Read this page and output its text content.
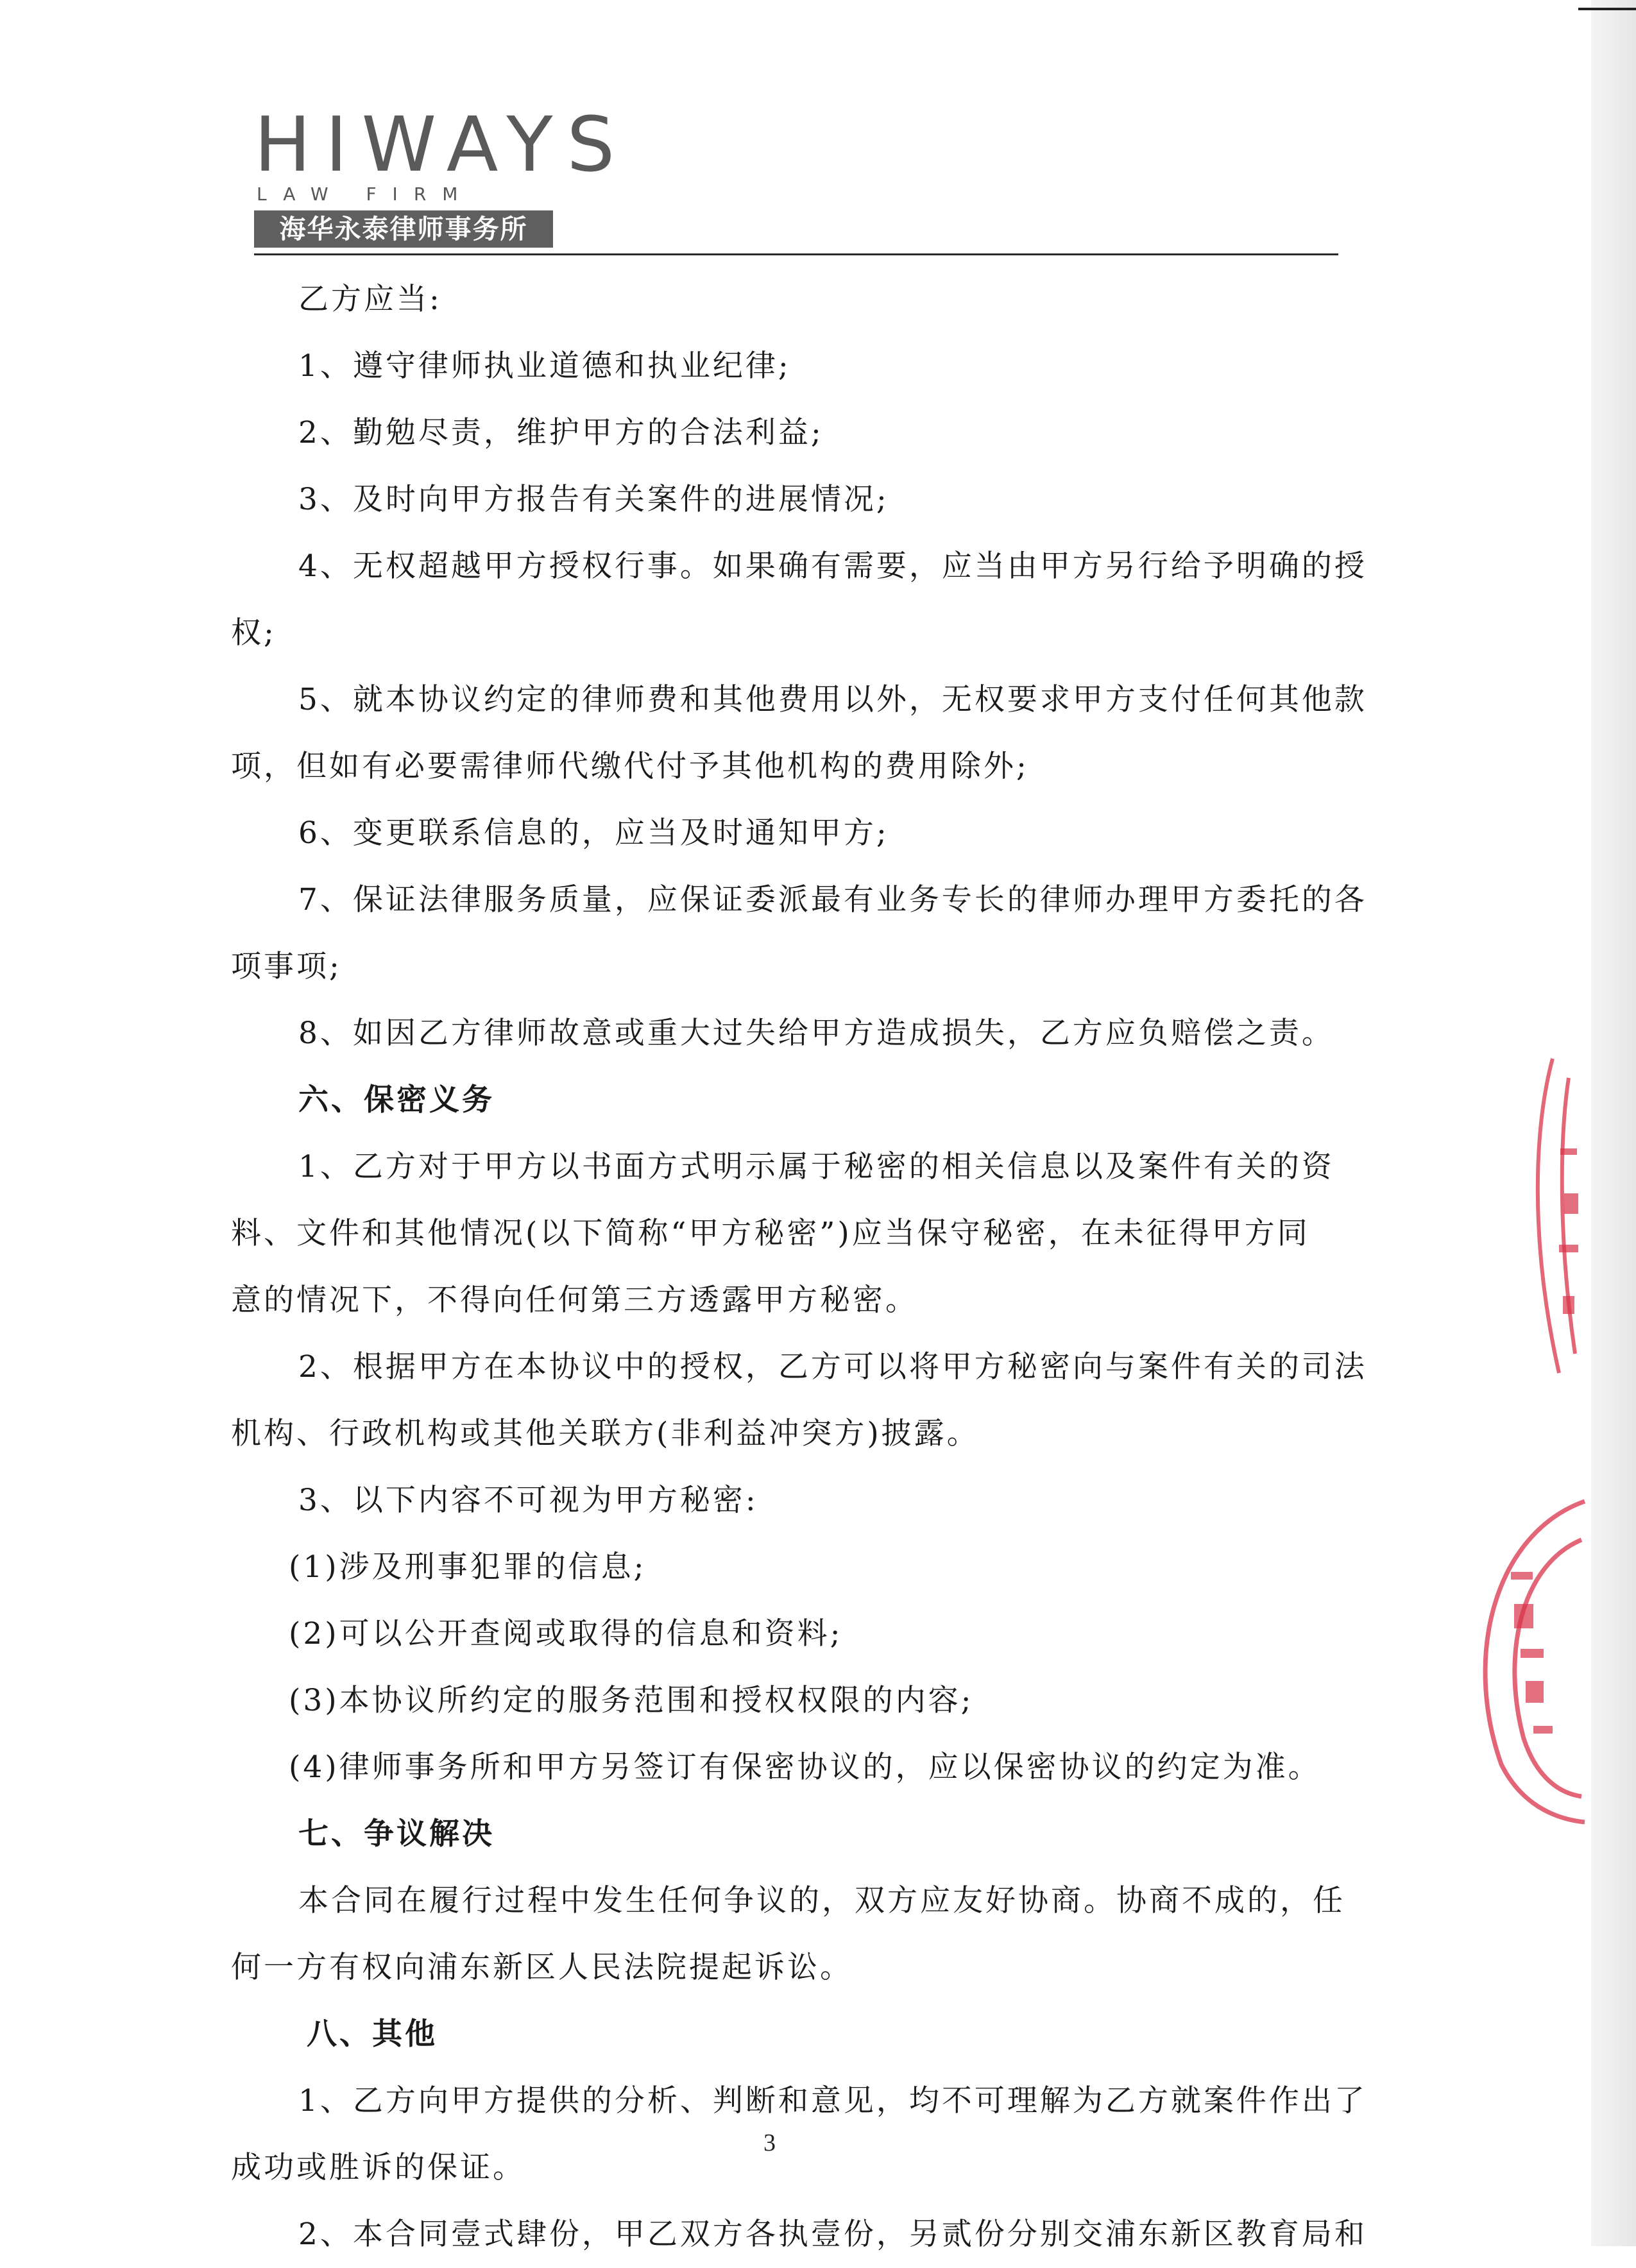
HIWAYS
LAW FIRM
海华永泰律师事务所
乙方应当:
1、遵守律师执业道德和执业纪律;
2、勤勉尽责，维护甲方的合法利益;
3、及时向甲方报告有关案件的进展情况;
4、无权超越甲方授权行事。如果确有需要，应当由甲方另行给予明确的授
权;
5、就本协议约定的律师费和其他费用以外，无权要求甲方支付任何其他款
项，但如有必要需律师代缴代付予其他机构的费用除外;
6、变更联系信息的，应当及时通知甲方;
7、保证法律服务质量，应保证委派最有业务专长的律师办理甲方委托的各
项事项;
8、如因乙方律师故意或重大过失给甲方造成损失，乙方应负赔偿之责。
六、保密义务
1、乙方对于甲方以书面方式明示属于秘密的相关信息以及案件有关的资
料、文件和其他情况(以下简称“甲方秘密”)应当保守秘密，在未征得甲方同
意的情况下，不得向任何第三方透露甲方秘密。
2、根据甲方在本协议中的授权，乙方可以将甲方秘密向与案件有关的司法
机构、行政机构或其他关联方(非利益冲突方)披露。
3、以下内容不可视为甲方秘密:
(1)涉及刑事犯罪的信息;
(2)可以公开查阅或取得的信息和资料;
(3)本协议所约定的服务范围和授权权限的内容;
(4)律师事务所和甲方另签订有保密协议的，应以保密协议的约定为准。
七、争议解决
本合同在履行过程中发生任何争议的，双方应友好协商。协商不成的，任
何一方有权向浦东新区人民法院提起诉讼。
八、其他
1、乙方向甲方提供的分析、判断和意见，均不可理解为乙方就案件作出了
成功或胜诉的保证。
2、本合同壹式肆份，甲乙双方各执壹份，另贰份分别交浦东新区教育局和
3
